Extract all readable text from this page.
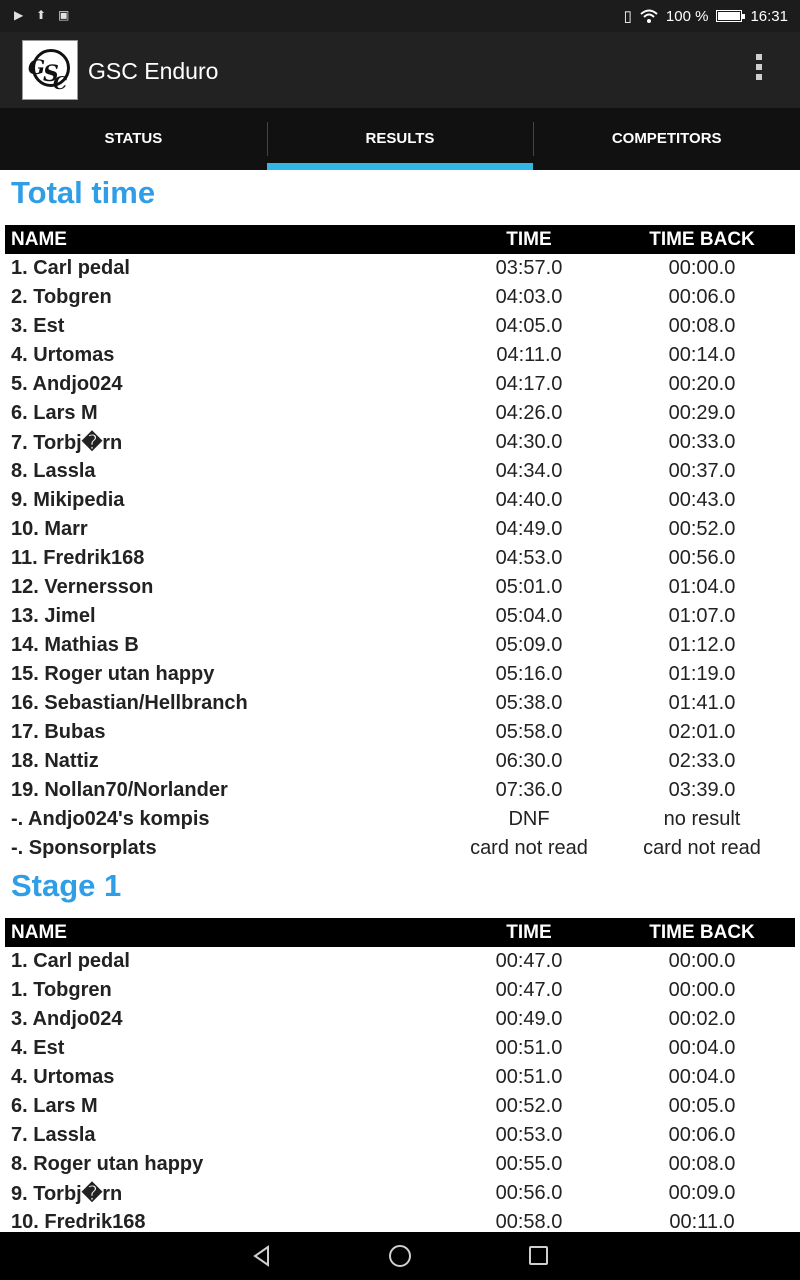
▶ ⬆ ▣	▯ 100 %	16:31
G
S
C GSC Enduro
STATUS	RESULTS	COMPETITORS
Total time
NAME	TIME	TIME BACK
1. Carl pedal	03:57.0	00:00.0
2. Tobgren	04:03.0	00:06.0
3. Est	04:05.0	00:08.0
4. Urtomas	04:11.0	00:14.0
5. Andjo024	04:17.0	00:20.0
6. Lars M	04:26.0	00:29.0
7. Torbj�rn	04:30.0	00:33.0
8. Lassla	04:34.0	00:37.0
9. Mikipedia	04:40.0	00:43.0
10. Marr	04:49.0	00:52.0
11. Fredrik168	04:53.0	00:56.0
12. Vernersson	05:01.0	01:04.0
13. Jimel	05:04.0	01:07.0
14. Mathias B	05:09.0	01:12.0
15. Roger utan happy	05:16.0	01:19.0
16. Sebastian/Hellbranch	05:38.0	01:41.0
17. Bubas	05:58.0	02:01.0
18. Nattiz	06:30.0	02:33.0
19. Nollan70/Norlander	07:36.0	03:39.0
-. Andjo024's kompis	DNF	no result
-. Sponsorplats	card not read	card not read
Stage 1
NAME	TIME	TIME BACK
1. Carl pedal	00:47.0	00:00.0
1. Tobgren	00:47.0	00:00.0
3. Andjo024	00:49.0	00:02.0
4. Est	00:51.0	00:04.0
4. Urtomas	00:51.0	00:04.0
6. Lars M	00:52.0	00:05.0
7. Lassla	00:53.0	00:06.0
8. Roger utan happy	00:55.0	00:08.0
9. Torbj�rn	00:56.0	00:09.0
10. Fredrik168	00:58.0	00:11.0
